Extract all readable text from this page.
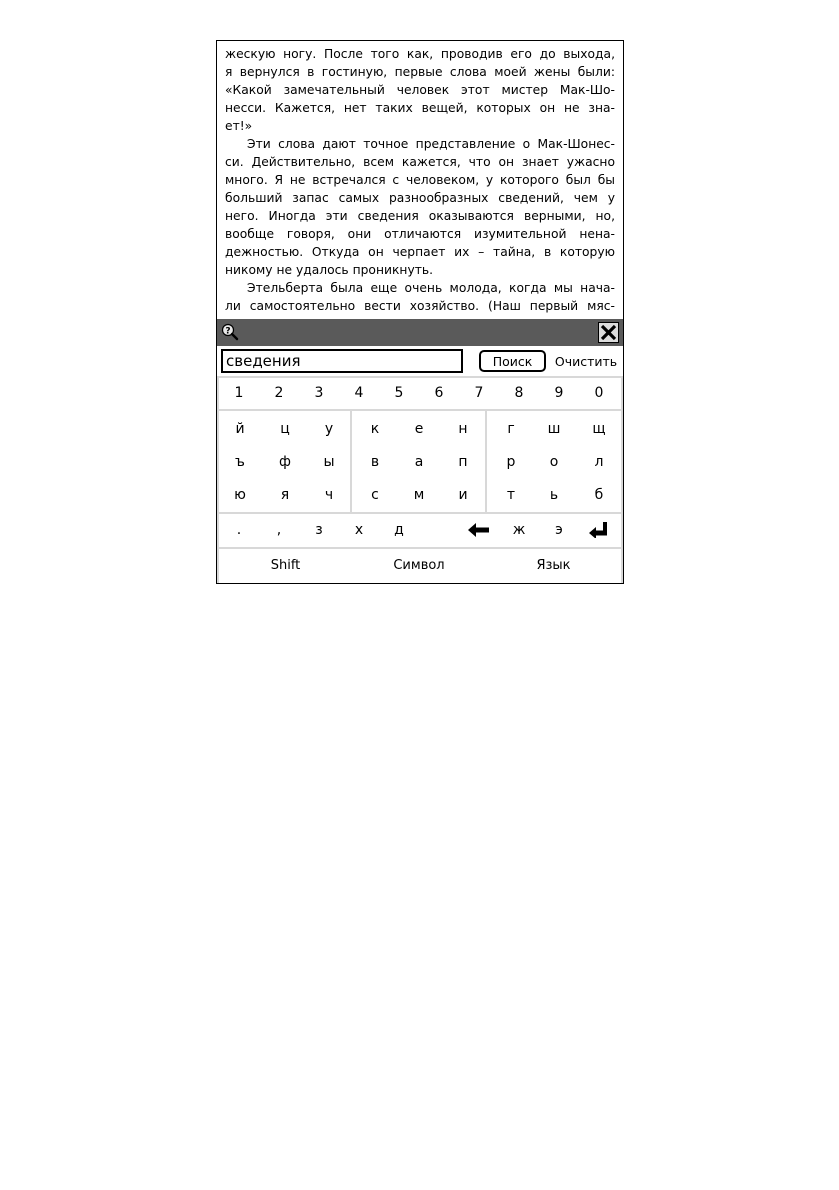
жескую ногу. После того как, проводив его до выхода,
я вернулся в гостиную, первые слова моей жены были:
«Какой замечательный человек этот мистер Мак-Шо-
несси. Кажется, нет таких вещей, которых он не зна-
ет!»
Эти слова дают точное представление о Мак-Шонес-
си. Действительно, всем кажется, что он знает ужасно
много. Я не встречался с человеком, у которого был бы
больший запас самых разнообразных сведений, чем у
него. Иногда эти сведения оказываются верными, но,
вообще говоря, они отличаются изумительной нена-
дежностью. Откуда он черпает их – тайна, в которую
никому не удалось проникнуть.
Этельберта была еще очень молода, когда мы нача-
ли самостоятельно вести хозяйство. (Наш первый мяс-
?
сведения
Поиск	Очистить
1	2	3	4	5	6	7	8	9	0
й	ц	у	к	е	н	г	ш	щ
ъ	ф	ы	в	а	п	р	о	л
ю	я	ч	с	м	и	т	ь	б
.	,	з	х	д	ж	э
Shift	Символ	Язык
